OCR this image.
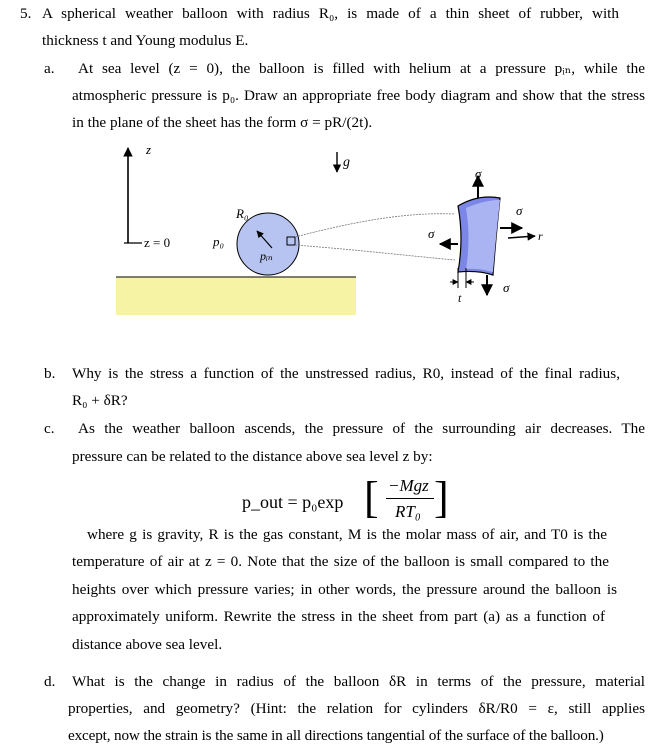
5. A spherical weather balloon with radius R₀, is made of a thin sheet of rubber, with
thickness t and Young modulus E.
a. At sea level (z = 0), the balloon is filled with helium at a pressure pᵢₙ, while the
atmospheric pressure is p₀. Draw an appropriate free body diagram and show that the stress
in the plane of the sheet has the form σ = pR/(2t).
z
z = 0
g
R₀
p₀
pᵢₙ
σ
σ
r
σ
σ
t
b. Why is the stress a function of the unstressed radius, R0, instead of the final radius,
R₀ + δR?
c. As the weather balloon ascends, the pressure of the surrounding air decreases. The
pressure can be related to the distance above sea level z by:
p_out = p₀exp [ −Mgz
RT₀ ]
where g is gravity, R is the gas constant, M is the molar mass of air, and T0 is the
temperature of air at z = 0. Note that the size of the balloon is small compared to the
heights over which pressure varies; in other words, the pressure around the balloon is
approximately uniform. Rewrite the stress in the sheet from part (a) as a function of
distance above sea level.
d. What is the change in radius of the balloon δR in terms of the pressure, material
properties, and geometry? (Hint: the relation for cylinders δR/R0 = ε, still applies
except, now the strain is the same in all directions tangential of the surface of the balloon.)
